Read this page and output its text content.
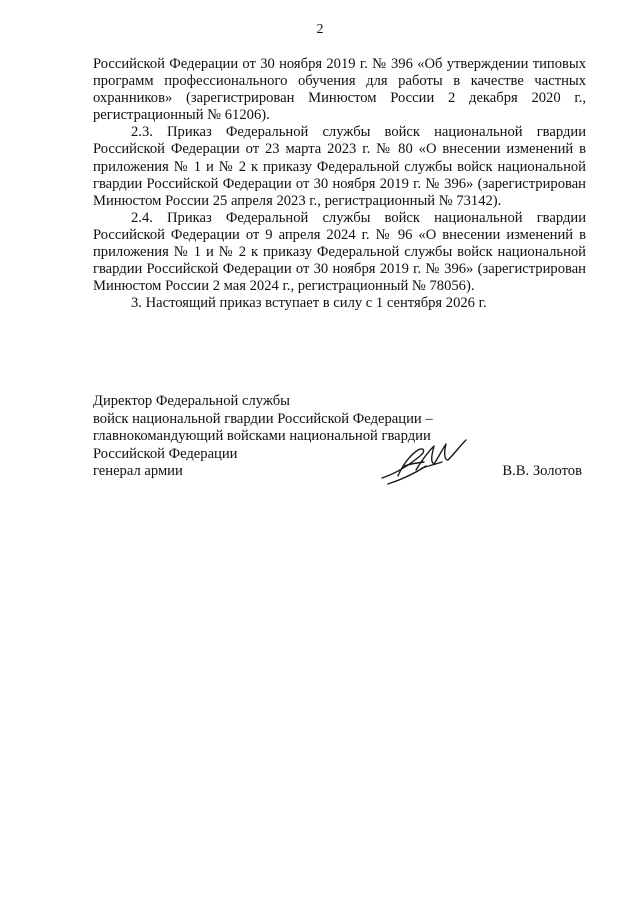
2

Российской Федерации от 30 ноября 2019 г. № 396 «Об утверждении типовых программ профессионального обучения для работы в качестве частных охранников» (зарегистрирован Минюстом России 2 декабря 2020 г., регистрационный № 61206).

2.3. Приказ Федеральной службы войск национальной гвардии Российской Федерации от 23 марта 2023 г. № 80 «О внесении изменений в приложения № 1 и № 2 к приказу Федеральной службы войск национальной гвардии Российской Федерации от 30 ноября 2019 г. № 396» (зарегистрирован Минюстом России 25 апреля 2023 г., регистрационный № 73142).

2.4. Приказ Федеральной службы войск национальной гвардии Российской Федерации от 9 апреля 2024 г. № 96 «О внесении изменений в приложения № 1 и № 2 к приказу Федеральной службы войск национальной гвардии Российской Федерации от 30 ноября 2019 г. № 396» (зарегистрирован Минюстом России 2 мая 2024 г., регистрационный № 78056).

3. Настоящий приказ вступает в силу с 1 сентября 2026 г.

Директор Федеральной службы
войск национальной гвардии Российской Федерации –
главнокомандующий войсками национальной гвардии
Российской Федерации
генерал армии	В.В. Золотов
